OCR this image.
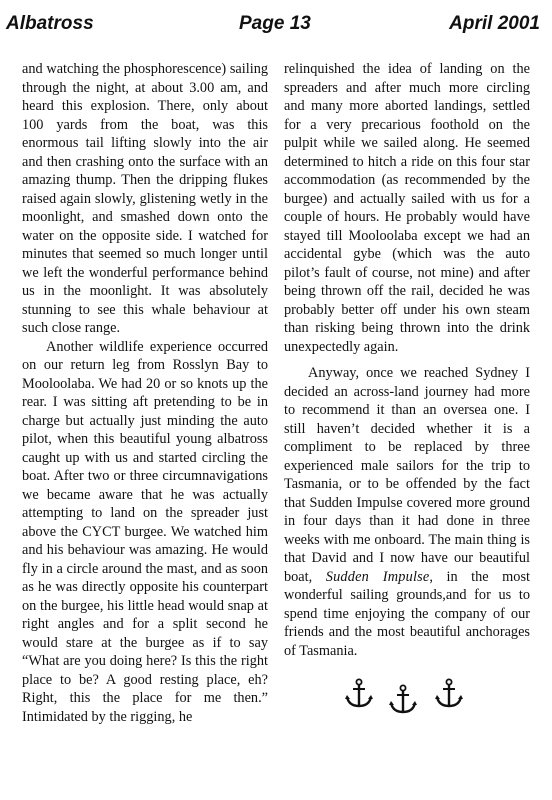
Albatross	Page 13	April 2001

and watching the phosphorescence) sailing through the night, at about 3.00 am, and heard this explosion. There, only about 100 yards from the boat, was this enormous tail lifting slowly into the air and then crashing onto the surface with an amazing thump. Then the dripping flukes raised again slowly, glistening wetly in the moonlight, and smashed down onto the water on the opposite side. I watched for minutes that seemed so much longer until we left the wonderful performance behind us in the moonlight. It was absolutely stunning to see this whale behaviour at such close range.

Another wildlife experience occurred on our return leg from Rosslyn Bay to Mooloolaba. We had 20 or so knots up the rear. I was sitting aft pretending to be in charge but actually just minding the auto pilot, when this beautiful young albatross caught up with us and started circling the boat. After two or three circumnavigations we became aware that he was actually attempting to land on the spreader just above the CYCT burgee. We watched him and his behaviour was amazing. He would fly in a circle around the mast, and as soon as he was directly opposite his counterpart on the burgee, his little head would snap at right angles and for a split second he would stare at the burgee as if to say “What are you doing here? Is this the right place to be? A good resting place, eh? Right, this the place for me then.” Intimidated by the rigging, he

relinquished the idea of landing on the spreaders and after much more circling and many more aborted landings, settled for a very precarious foothold on the pulpit while we sailed along. He seemed determined to hitch a ride on this four star accommodation (as recommended by the burgee) and actually sailed with us for a couple of hours. He probably would have stayed till Mooloolaba except we had an accidental gybe (which was the auto pilot’s fault of course, not mine) and after being thrown off the rail, decided he was probably better off under his own steam than risking being thrown into the drink unexpectedly again.

Anyway, once we reached Sydney I decided an across-land journey had more to recommend it than an oversea one. I still haven’t decided whether it is a compliment to be replaced by three experienced male sailors for the trip to Tasmania, or to be offended by the fact that Sudden Impulse covered more ground in four days than it had done in three weeks with me onboard. The main thing is that David and I now have our beautiful boat, Sudden Impulse, in the most wonderful sailing grounds,and for us to spend time enjoying the company of our friends and the most beautiful anchorages of Tasmania.
